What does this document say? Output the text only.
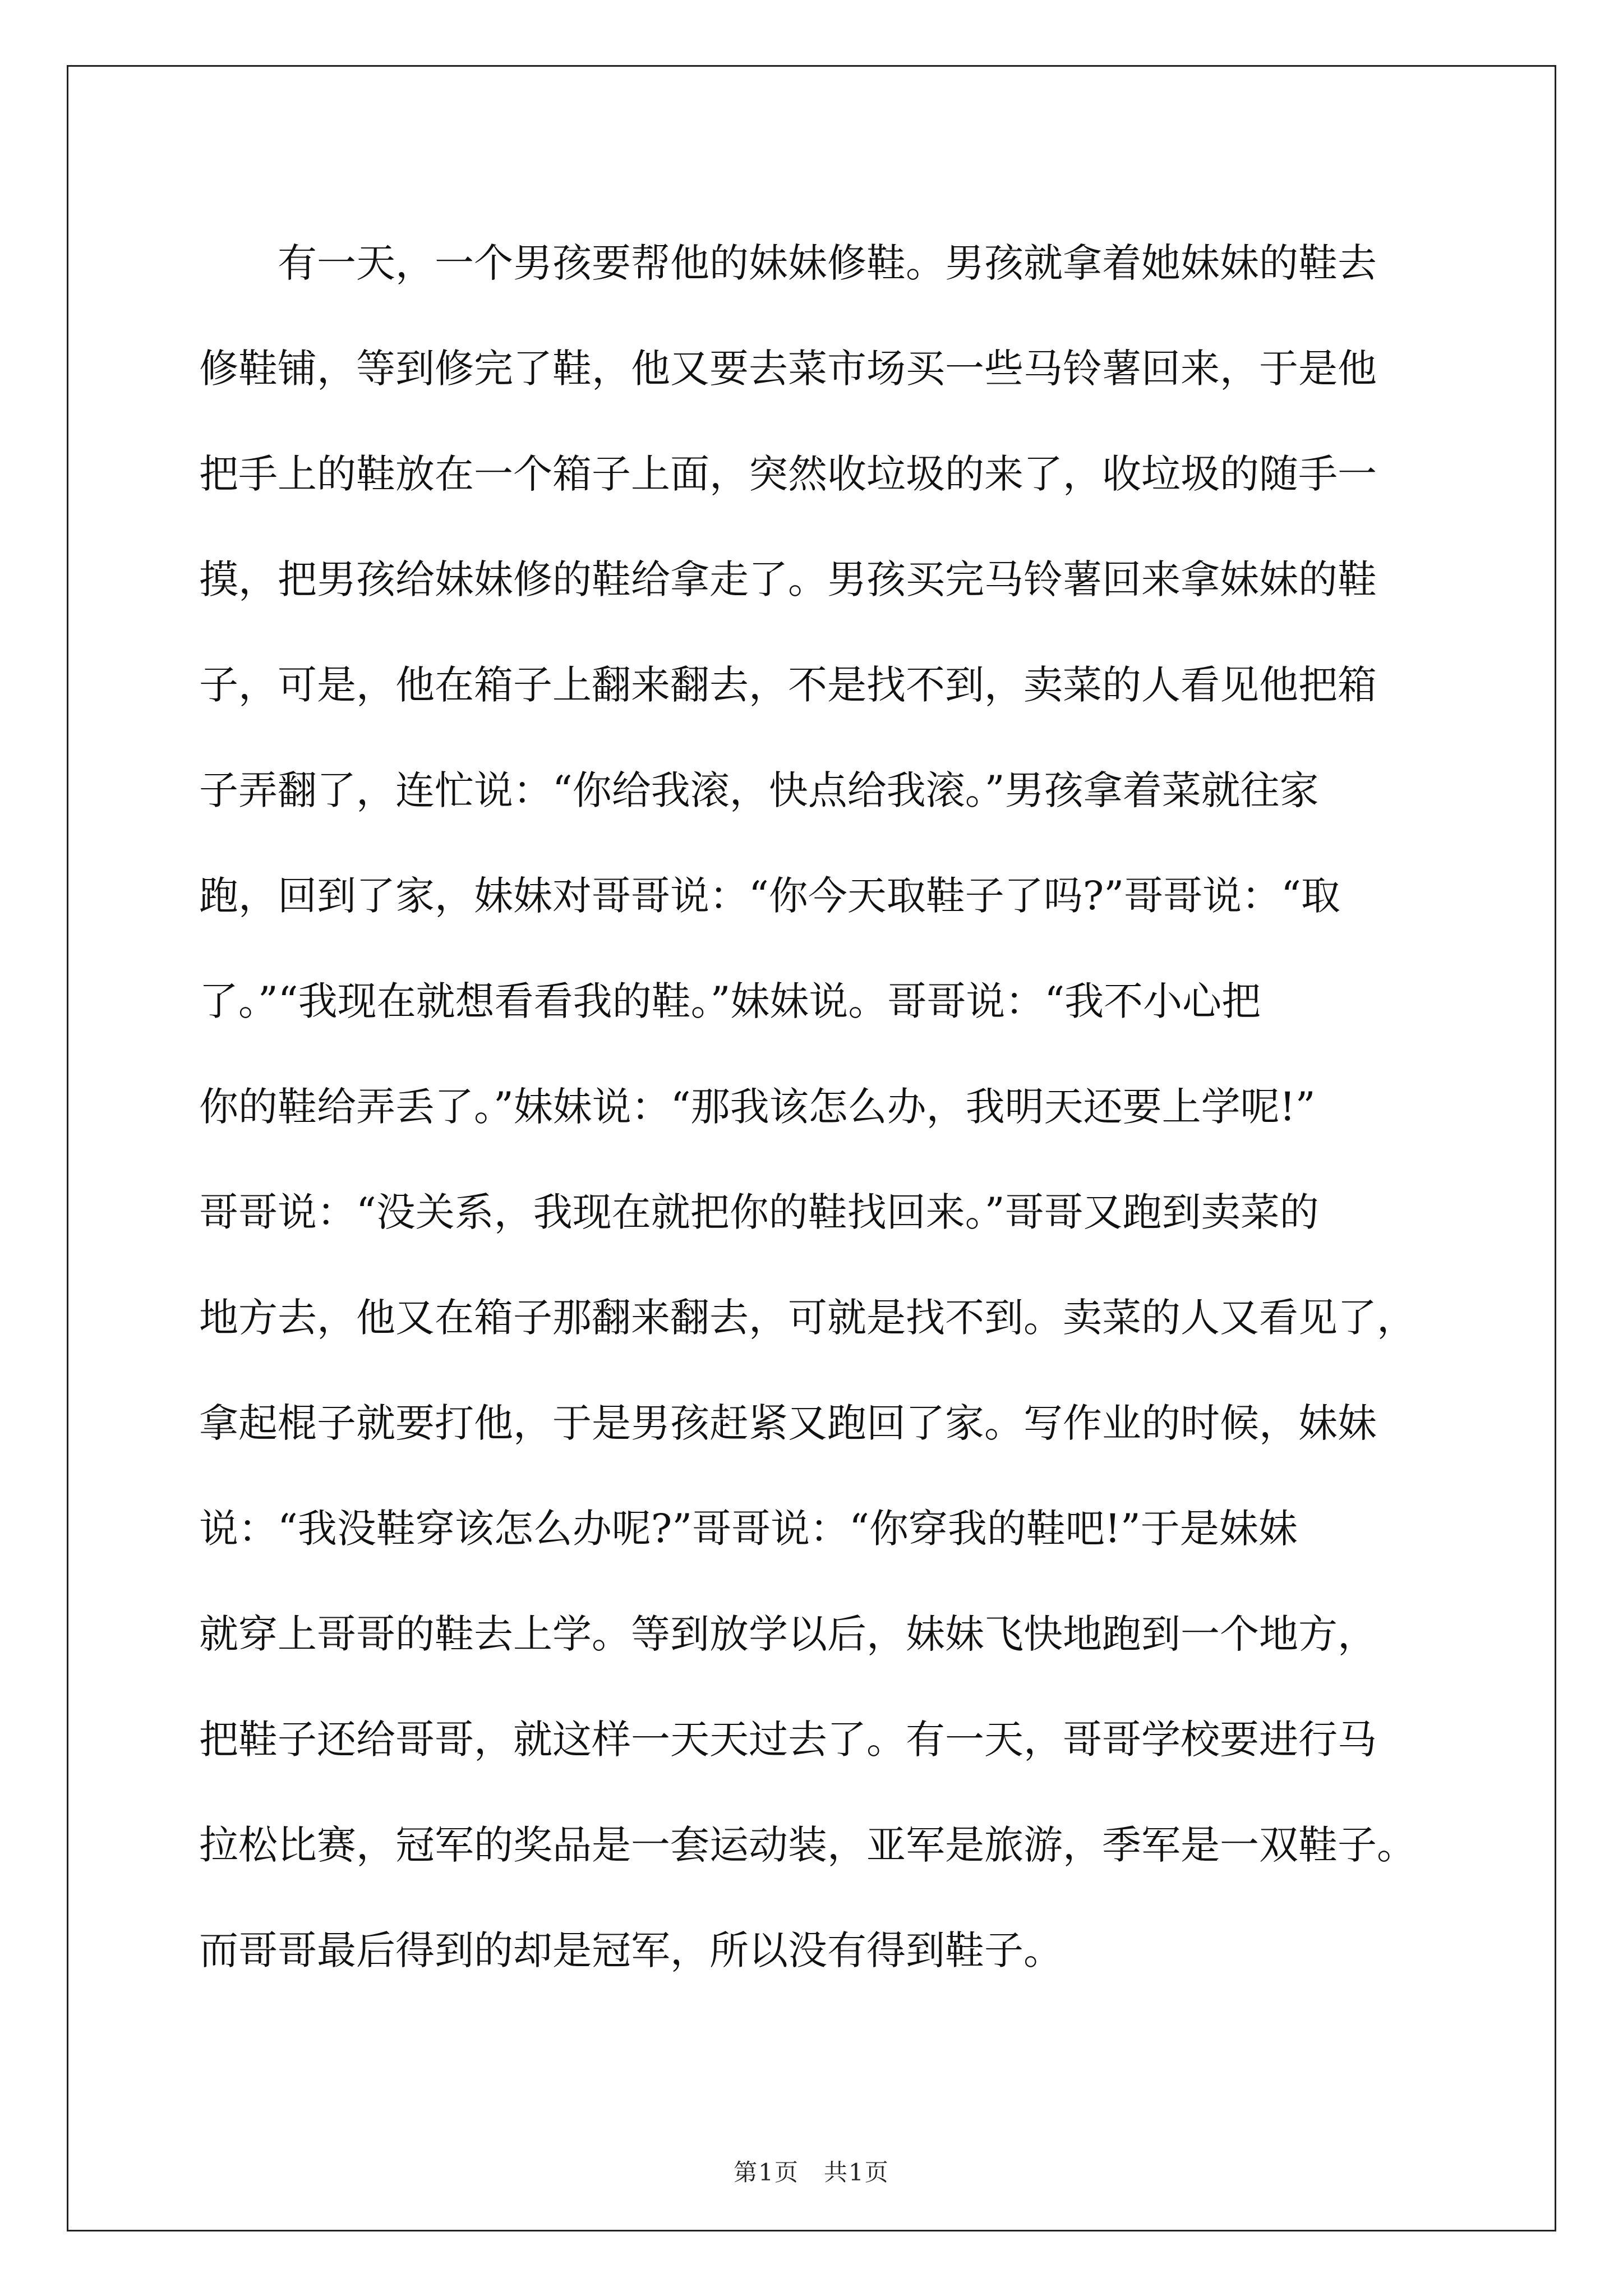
有一天，一个男孩要帮他的妹妹修鞋。男孩就拿着她妹妹的鞋去
修鞋铺，等到修完了鞋，他又要去菜市场买一些马铃薯回来，于是他
把手上的鞋放在一个箱子上面，突然收垃圾的来了，收垃圾的随手一
摸，把男孩给妹妹修的鞋给拿走了。男孩买完马铃薯回来拿妹妹的鞋
子，可是，他在箱子上翻来翻去，不是找不到，卖菜的人看见他把箱
子弄翻了，连忙说：“你给我滚，快点给我滚。”男孩拿着菜就往家
跑，回到了家，妹妹对哥哥说：“你今天取鞋子了吗?”哥哥说：“取
了。”“我现在就想看看我的鞋。”妹妹说。哥哥说：“我不小心把
你的鞋给弄丢了。”妹妹说：“那我该怎么办，我明天还要上学呢!”
哥哥说：“没关系，我现在就把你的鞋找回来。”哥哥又跑到卖菜的
地方去，他又在箱子那翻来翻去，可就是找不到。卖菜的人又看见了，
拿起棍子就要打他，于是男孩赶紧又跑回了家。写作业的时候，妹妹
说：“我没鞋穿该怎么办呢?”哥哥说：“你穿我的鞋吧!”于是妹妹
就穿上哥哥的鞋去上学。等到放学以后，妹妹飞快地跑到一个地方，
把鞋子还给哥哥，就这样一天天过去了。有一天，哥哥学校要进行马
拉松比赛，冠军的奖品是一套运动装，亚军是旅游，季军是一双鞋子。
而哥哥最后得到的却是冠军，所以没有得到鞋子。
第1页　共1页
